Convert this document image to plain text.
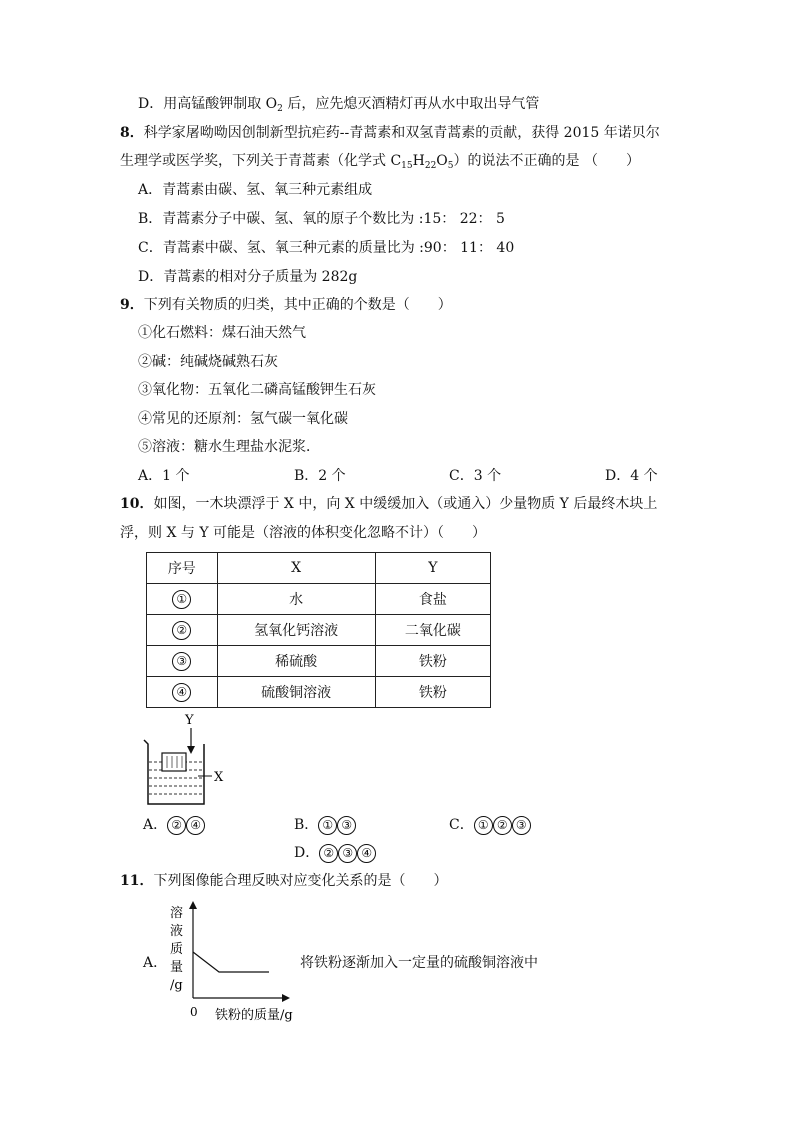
D．用高锰酸钾制取 $O_2$ 后，应先熄灭酒精灯再从水中取出导气管
8．科学家屠呦呦因创制新型抗疟药--青蒿素和双氢青蒿素的贡献，获得 2015 年诺贝尔
生理学或医学奖，下列关于青蒿素（化学式 $C_{15}H_{22}O_5$）的说法不正确的是 （　　）
A．青蒿素由碳、氢、氧三种元素组成
B．青蒿素分子中碳、氢、氧的原子个数比为 :15： 22： 5
C．青蒿素中碳、氢、氧三种元素的质量比为 :90： 11： 40
D．青蒿素的相对分子质量为 282g
9．下列有关物质的归类，其中正确的个数是（　　）
①化石燃料：煤石油天然气
②碱：纯碱烧碱熟石灰
③氧化物：五氧化二磷高锰酸钾生石灰
④常见的还原剂：氢气碳一氧化碳
⑤溶液：糖水生理盐水泥浆．
A．1 个	B．2 个	C．3 个	D．4 个
10．如图，一木块漂浮于 X 中，向 X 中缓缓加入（或通入）少量物质 Y 后最终木块上
浮，则 X 与 Y 可能是（溶液的体积变化忽略不计）（　　）
序号	X	Y
①	水	食盐
②	氢氧化钙溶液	二氧化碳
③	稀硫酸	铁粉
④	硫酸铜溶液	铁粉
Y
X
A． ② ④	B． ① ③	C． ① ② ③
D． ② ③ ④
11．下列图像能合理反映对应变化关系的是（　　）
A．
溶
液
质
量
/g
0 铁粉的质量/g
将铁粉逐渐加入一定量的硫酸铜溶液中
